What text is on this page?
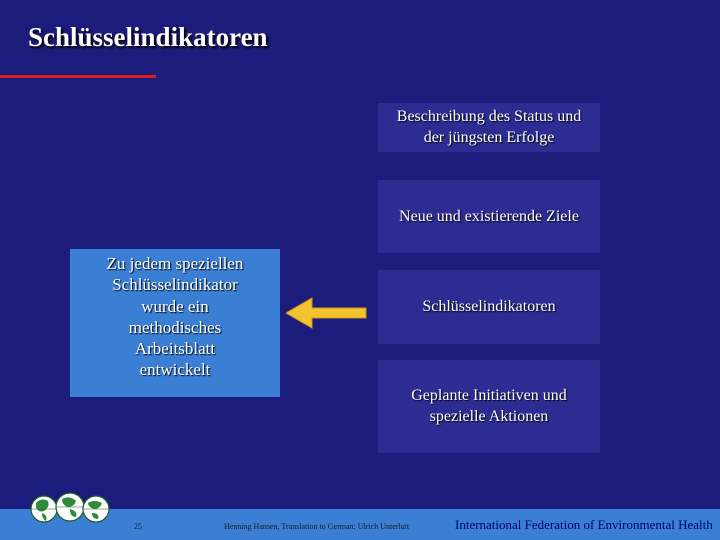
Schlüsselindikatoren
Beschreibung des Status und der jüngsten Erfolge
Neue und existierende Ziele
Schlüsselindikatoren
Geplante Initiativen und spezielle Aktionen
Zu jedem speziellen
Schlüsselindikator
wurde ein
methodisches
Arbeitsblatt
entwickelt
25	Henning Hansen, Translation to German: Ulrich Unterlutt	International Federation of Environmental Health
